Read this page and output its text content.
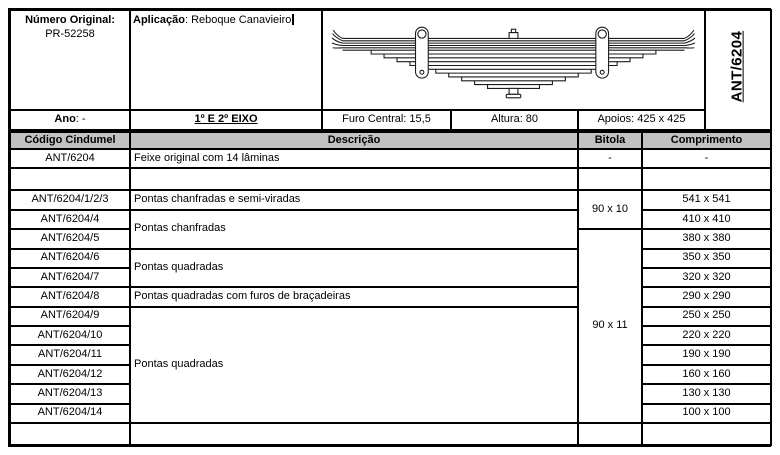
Número Original:
PR-52258	Aplicação: Reboque Canavieiro				ANT/6204

Ano: -	1º E 2º EIXO	Furo Central: 15,5	Altura: 80	Apoios: 425 x 425	
Código Cindumel	Descrição	Bitola	Comprimento
ANT/6204	Feixe original com 14 lâminas	-	-

ANT/6204/1/2/3	Pontas chanfradas e semi-viradas	90 x 10	541 x 541
ANT/6204/4	Pontas chanfradas		410 x 410
ANT/6204/5		90 x 11	380 x 380
ANT/6204/6	Pontas quadradas		350 x 350
ANT/6204/7			320 x 320
ANT/6204/8	Pontas quadradas com furos de braçadeiras		290 x 290
ANT/6204/9	Pontas quadradas		250 x 250
ANT/6204/10			220 x 220
ANT/6204/11			190 x 190
ANT/6204/12			160 x 160
ANT/6204/13			130 x 130
ANT/6204/14			100 x 100
